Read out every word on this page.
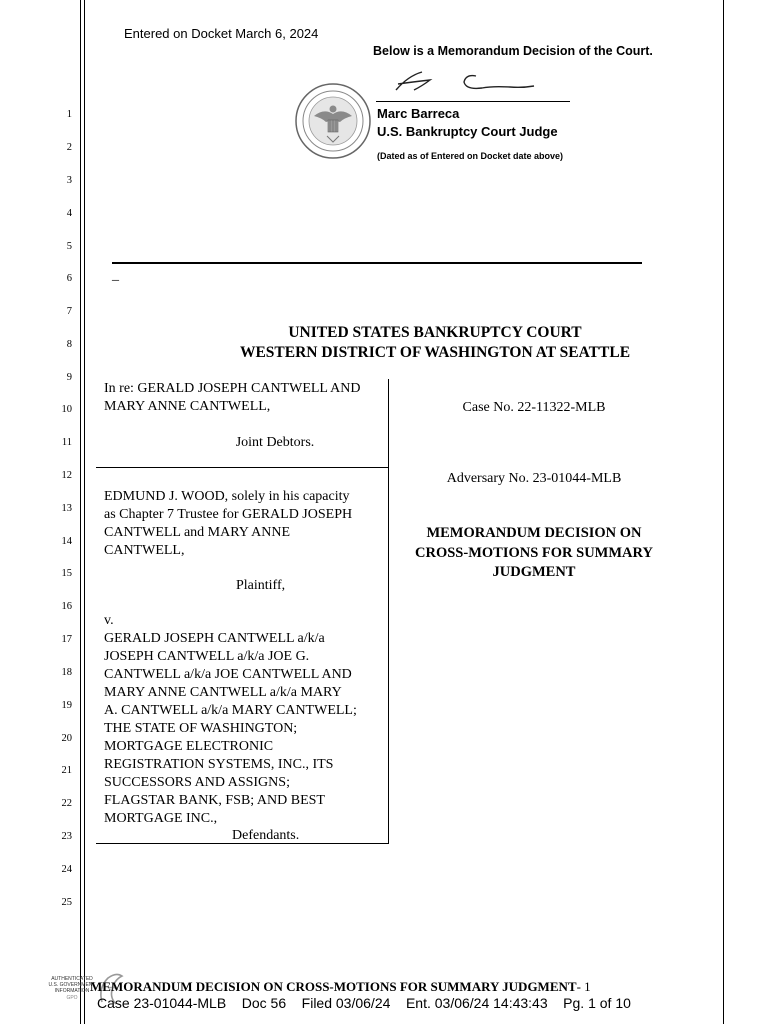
Entered on Docket March 6, 2024
Below is a Memorandum Decision of the Court.
Marc Barreca
U.S. Bankruptcy Court Judge
(Dated as of Entered on Docket date above)
1
2
3
4
5
6
7
8
9
10
11
12
13
14
15
16
17
18
19
20
21
22
23
24
25
_
UNITED STATES BANKRUPTCY COURT
WESTERN DISTRICT OF WASHINGTON AT SEATTLE
In re: GERALD JOSEPH CANTWELL AND
MARY ANNE CANTWELL,
Joint Debtors.
EDMUND J. WOOD, solely in his capacity
as Chapter 7 Trustee for GERALD JOSEPH
CANTWELL and MARY ANNE
CANTWELL,
Plaintiff,
v.
GERALD JOSEPH CANTWELL a/k/a
JOSEPH CANTWELL a/k/a JOE G.
CANTWELL a/k/a JOE CANTWELL AND
MARY ANNE CANTWELL a/k/a MARY
A. CANTWELL a/k/a MARY CANTWELL;
THE STATE OF WASHINGTON;
MORTGAGE ELECTRONIC
REGISTRATION SYSTEMS, INC., ITS
SUCCESSORS AND ASSIGNS;
FLAGSTAR BANK, FSB; AND BEST
MORTGAGE INC.,
Defendants.
Case No. 22-11322-MLB
Adversary No. 23-01044-MLB
MEMORANDUM DECISION ON
CROSS-MOTIONS FOR SUMMARY
JUDGMENT
AUTHENTICATED
U.S. GOVERNMENT
INFORMATION
GPO
MEMORANDUM DECISION ON CROSS-MOTIONS FOR SUMMARY JUDGMENT- 1
Case 23-01044-MLB    Doc 56    Filed 03/06/24    Ent. 03/06/24 14:43:43    Pg. 1 of 10
